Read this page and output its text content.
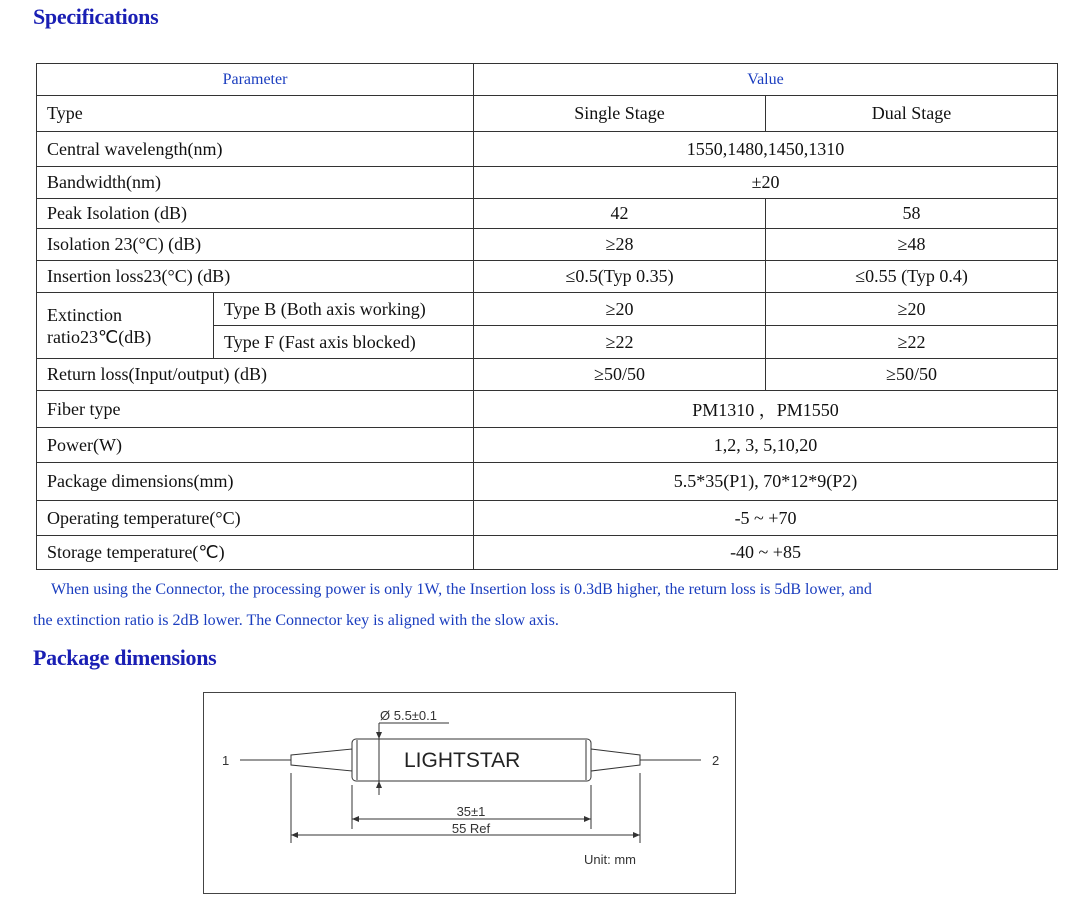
Specifications
Parameter		Value	
Type		Single Stage	Dual Stage
Central wavelength(nm)		1550,1480,1450,1310	
Bandwidth(nm)		±20	
Peak Isolation (dB)		42	58
Isolation 23(°C) (dB)		≥28	≥48
Insertion loss23(°C) (dB)		≤0.5(Typ 0.35)	≤0.55 (Typ 0.4)
Extinction
ratio23℃(dB)	Type B (Both axis working)	≥20	≥20
	Type F (Fast axis blocked)	≥22	≥22
Return loss(Input/output) (dB)		≥50/50	≥50/50
Fiber type		PM1310 ，PM1550	
Power(W)		1,2, 3, 5,10,20	
Package dimensions(mm)		5.5*35(P1), 70*12*9(P2)	
Operating temperature(°C)		-5 ~ +70	
Storage temperature(℃)		-40 ~ +85	

When using the Connector, the processing power is only 1W, the Insertion loss is 0.3dB higher, the return loss is 5dB lower, and

the extinction ratio is 2dB lower. The Connector key is aligned with the slow axis.

Package dimensions
Ø 5.5±0.1
LIGHTSTAR
1	2
35±1
55 Ref
Unit: mm
